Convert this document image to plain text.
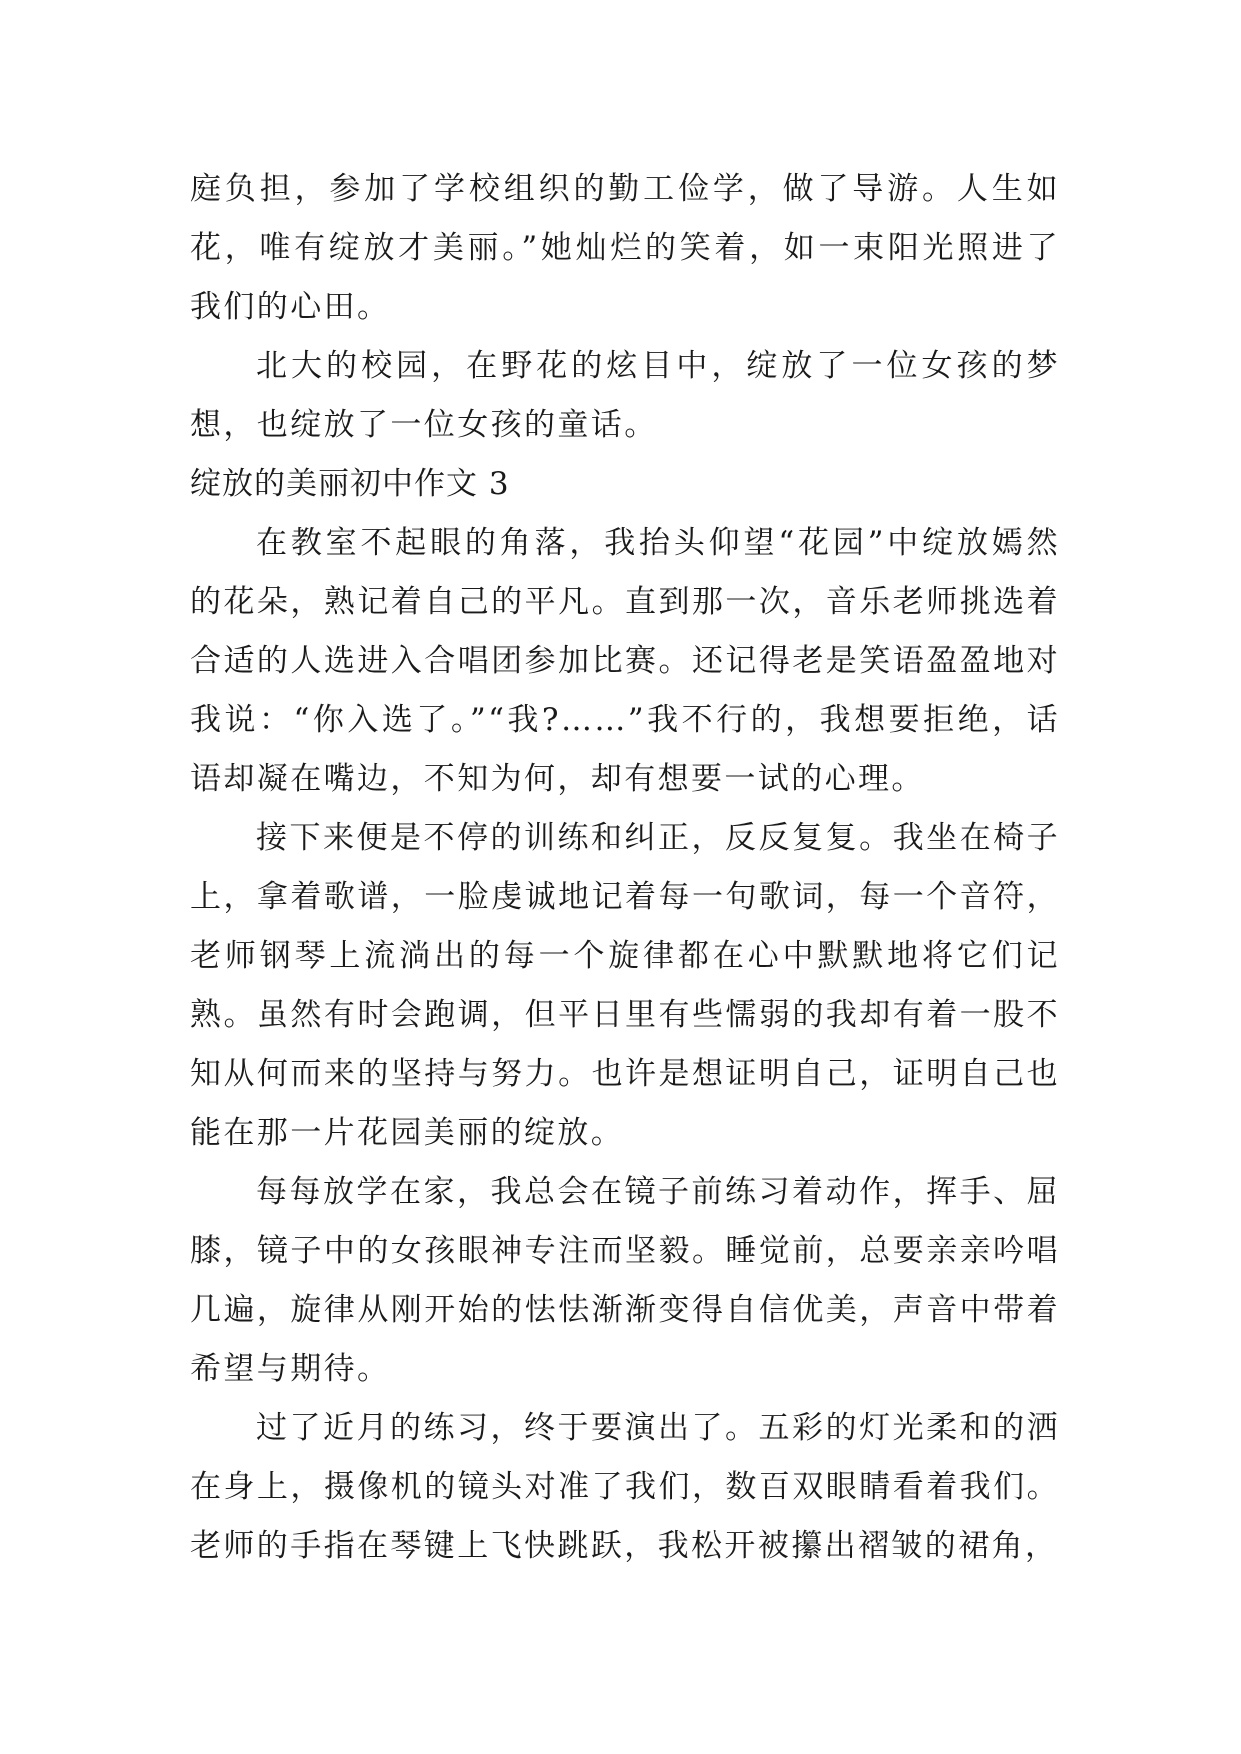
庭负担，参加了学校组织的勤工俭学，做了导游。人生如花，唯有绽放才美丽。”她灿烂的笑着，如一束阳光照进了我们的心田。

北大的校园，在野花的炫目中，绽放了一位女孩的梦想，也绽放了一位女孩的童话。

绽放的美丽初中作文 3

在教室不起眼的角落，我抬头仰望“花园”中绽放嫣然的花朵，熟记着自己的平凡。直到那一次，音乐老师挑选着合适的人选进入合唱团参加比赛。还记得老是笑语盈盈地对我说：“你入选了。”“我?……”我不行的，我想要拒绝，话语却凝在嘴边，不知为何，却有想要一试的心理。

接下来便是不停的训练和纠正，反反复复。我坐在椅子上，拿着歌谱，一脸虔诚地记着每一句歌词，每一个音符，老师钢琴上流淌出的每一个旋律都在心中默默地将它们记熟。虽然有时会跑调，但平日里有些懦弱的我却有着一股不知从何而来的坚持与努力。也许是想证明自己，证明自己也能在那一片花园美丽的绽放。

每每放学在家，我总会在镜子前练习着动作，挥手、屈膝，镜子中的女孩眼神专注而坚毅。睡觉前，总要亲亲吟唱几遍，旋律从刚开始的怯怯渐渐变得自信优美，声音中带着希望与期待。

过了近月的练习，终于要演出了。五彩的灯光柔和的洒在身上，摄像机的镜头对准了我们，数百双眼睛看着我们。老师的手指在琴键上飞快跳跃，我松开被攥出褶皱的裙角，
